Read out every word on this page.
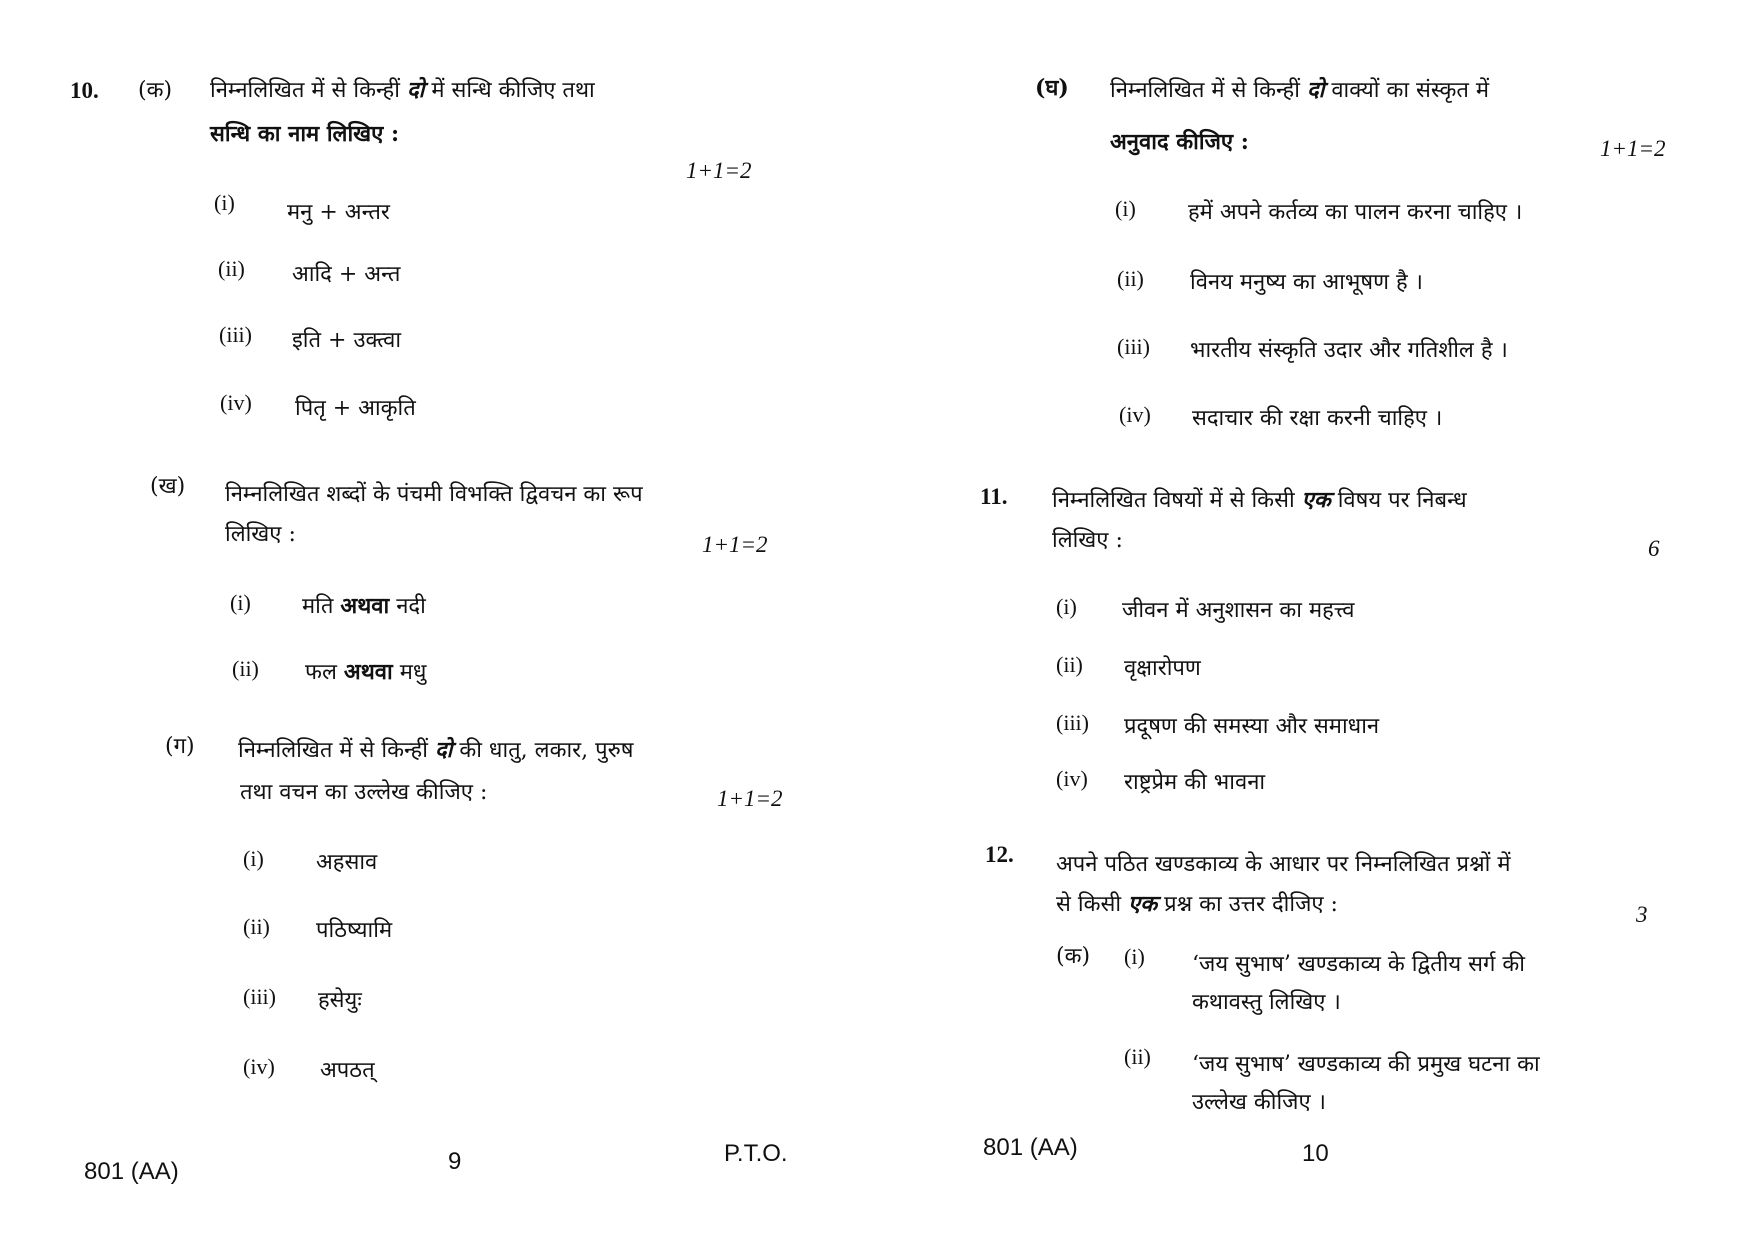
10. (क) निम्नलिखित में से किन्हीं दो में सन्धि कीजिए तथा
सन्धि का नाम लिखिए :
1+1=2
(i) मनु + अन्तर
(ii) आदि + अन्त
(iii) इति + उक्त्वा
(iv) पितृ + आकृति
(ख) निम्नलिखित शब्दों के पंचमी विभक्ति द्विवचन का रूप
लिखिए :	1+1=2
(i) मति अथवा नदी
(ii) फल अथवा मधु
(ग) निम्नलिखित में से किन्हीं दो की धातु, लकार, पुरुष
तथा वचन का उल्लेख कीजिए :	1+1=2
(i) अहसाव
(ii) पठिष्यामि
(iii) हसेयुः
(iv) अपठत्
801 (AA)	9	P.T.O.
(घ) निम्नलिखित में से किन्हीं दो वाक्यों का संस्कृत में
अनुवाद कीजिए :	1+1=2
(i) हमें अपने कर्तव्य का पालन करना चाहिए ।
(ii) विनय मनुष्य का आभूषण है ।
(iii) भारतीय संस्कृति उदार और गतिशील है ।
(iv) सदाचार की रक्षा करनी चाहिए ।
11. निम्नलिखित विषयों में से किसी एक विषय पर निबन्ध
लिखिए :	6
(i) जीवन में अनुशासन का महत्त्व
(ii) वृक्षारोपण
(iii) प्रदूषण की समस्या और समाधान
(iv) राष्ट्रप्रेम की भावना
12. अपने पठित खण्डकाव्य के आधार पर निम्नलिखित प्रश्नों में
से किसी एक प्रश्न का उत्तर दीजिए :	3
(क) (i) ‘जय सुभाष’ खण्डकाव्य के द्वितीय सर्ग की
कथावस्तु लिखिए ।
(ii) ‘जय सुभाष’ खण्डकाव्य की प्रमुख घटना का
उल्लेख कीजिए ।
801 (AA)	10
